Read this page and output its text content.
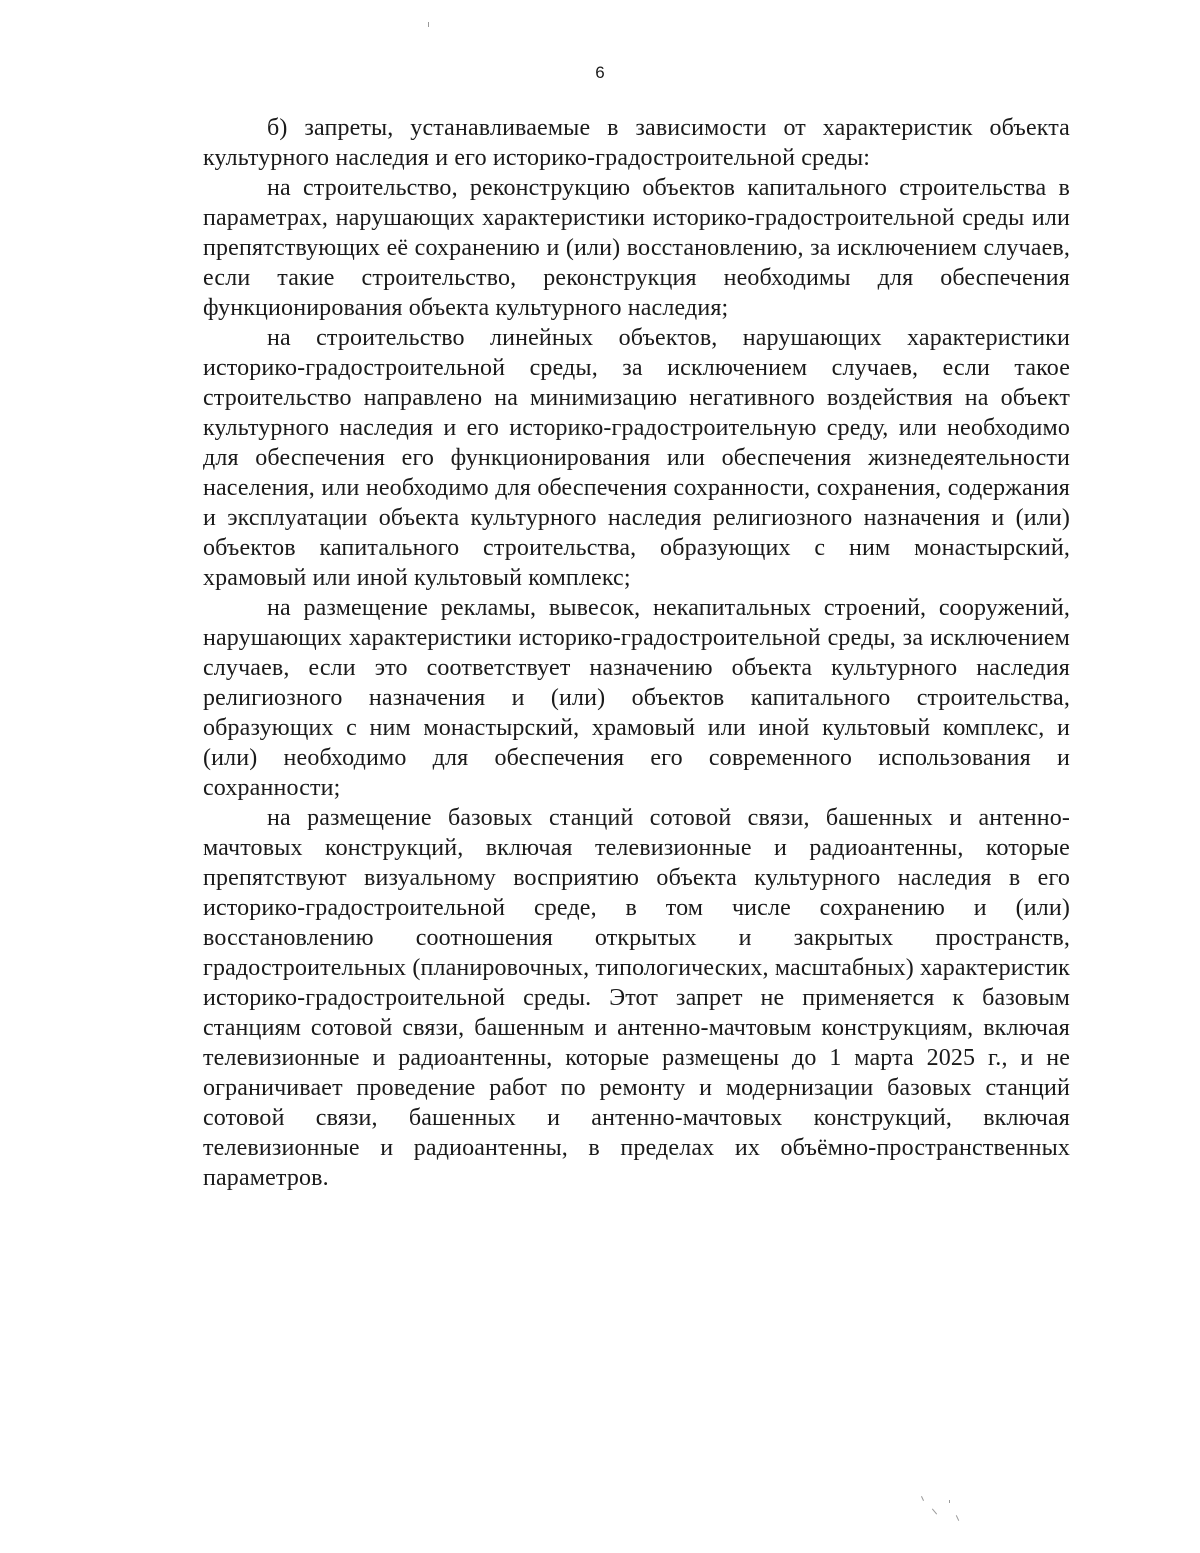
6

б) запреты, устанавливаемые в зависимости от характеристик объекта культурного наследия и его историко-градостроительной среды:

на строительство, реконструкцию объектов капитального строительства в параметрах, нарушающих характеристики историко-градостроительной среды или препятствующих её сохранению и (или) восстановлению, за исключением случаев, если такие строительство, реконструкция необходимы для обеспечения функционирования объекта культурного наследия;

на строительство линейных объектов, нарушающих характеристики историко-градостроительной среды, за исключением случаев, если такое строительство направлено на минимизацию негативного воздействия на объект культурного наследия и его историко-градостроительную среду, или необходимо для обеспечения его функционирования или обеспечения жизнедеятельности населения, или необходимо для обеспечения сохранности, сохранения, содержания и эксплуатации объекта культурного наследия религиозного назначения и (или) объектов капитального строительства, образующих с ним монастырский, храмовый или иной культовый комплекс;

на размещение рекламы, вывесок, некапитальных строений, сооружений, нарушающих характеристики историко-градостроительной среды, за исключением случаев, если это соответствует назначению объекта культурного наследия религиозного назначения и (или) объектов капитального строительства, образующих с ним монастырский, храмовый или иной культовый комплекс, и (или) необходимо для обеспечения его современного использования и сохранности;

на размещение базовых станций сотовой связи, башенных и антенно-мачтовых конструкций, включая телевизионные и радиоантенны, которые препятствуют визуальному восприятию объекта культурного наследия в его историко-градостроительной среде, в том числе сохранению и (или) восстановлению соотношения открытых и закрытых пространств, градостроительных (планировочных, типологических, масштабных) характеристик историко-градостроительной среды. Этот запрет не применяется к базовым станциям сотовой связи, башенным и антенно-мачтовым конструкциям, включая телевизионные и радиоантенны, которые размещены до 1 марта 2025 г., и не ограничивает проведение работ по ремонту и модернизации базовых станций сотовой связи, башенных и антенно-мачтовых конструкций, включая телевизионные и радиоантенны, в пределах их объёмно-пространственных параметров.
